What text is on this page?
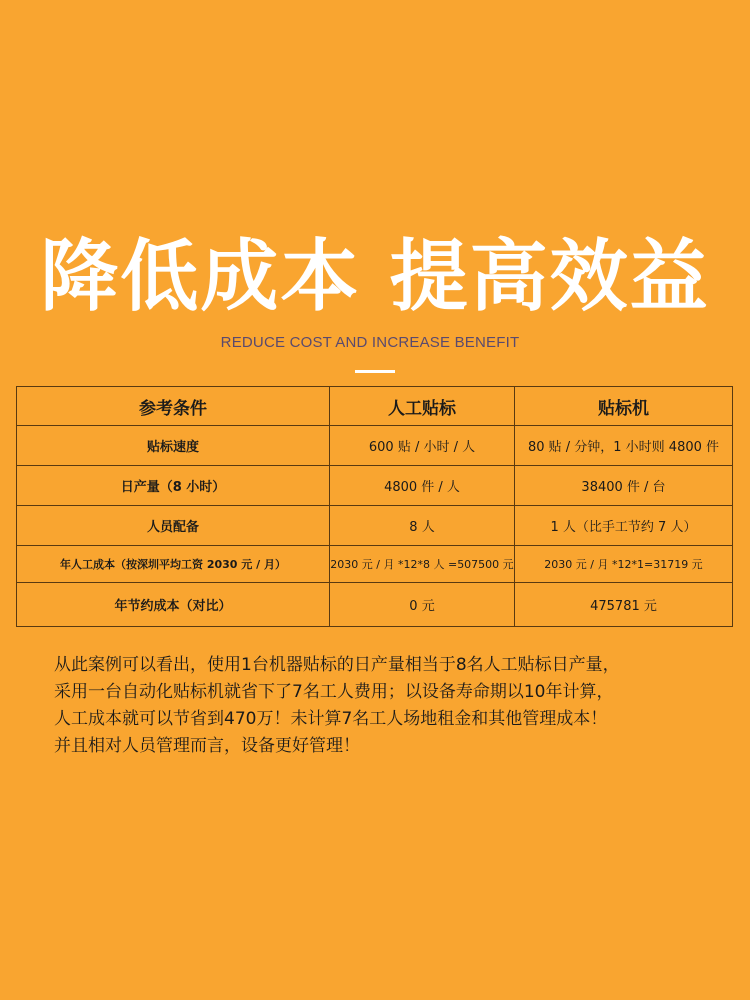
降低成本 提高效益
REDUCE COST AND INCREASE BENEFIT
参考条件	人工贴标	贴标机
贴标速度	600 贴 / 小时 / 人	80 贴 / 分钟，1 小时则 4800 件
日产量（8 小时）	4800 件 / 人	38400 件 / 台
人员配备	8 人	1 人（比手工节约 7 人）
年人工成本（按深圳平均工资 2030 元 / 月）	2030 元 / 月 *12*8 人 =507500 元	2030 元 / 月 *12*1=31719 元
年节约成本（对比）	0 元	475781 元

从此案例可以看出，使用1台机器贴标的日产量相当于8名人工贴标日产量，

采用一台自动化贴标机就省下了7名工人费用；以设备寿命期以10年计算，

人工成本就可以节省到470万！未计算7名工人场地租金和其他管理成本！

并且相对人员管理而言，设备更好管理！
